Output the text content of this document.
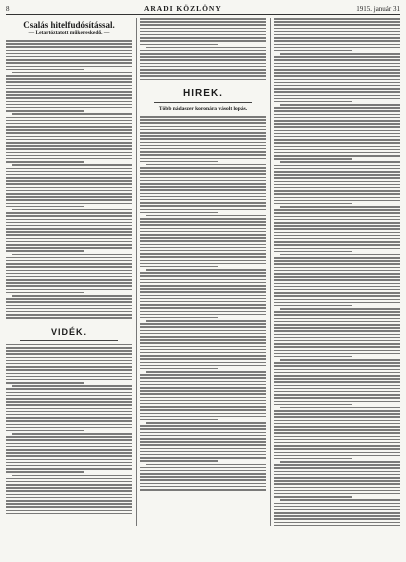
8	ARADI KÖZLÖNY	1915. január 31
Csalás hitelfudósítással.
— Letartóztatott műkereskedő. —
VIDÉK.
HIREK.
Több nádaszer koronára vásolt lopás.
